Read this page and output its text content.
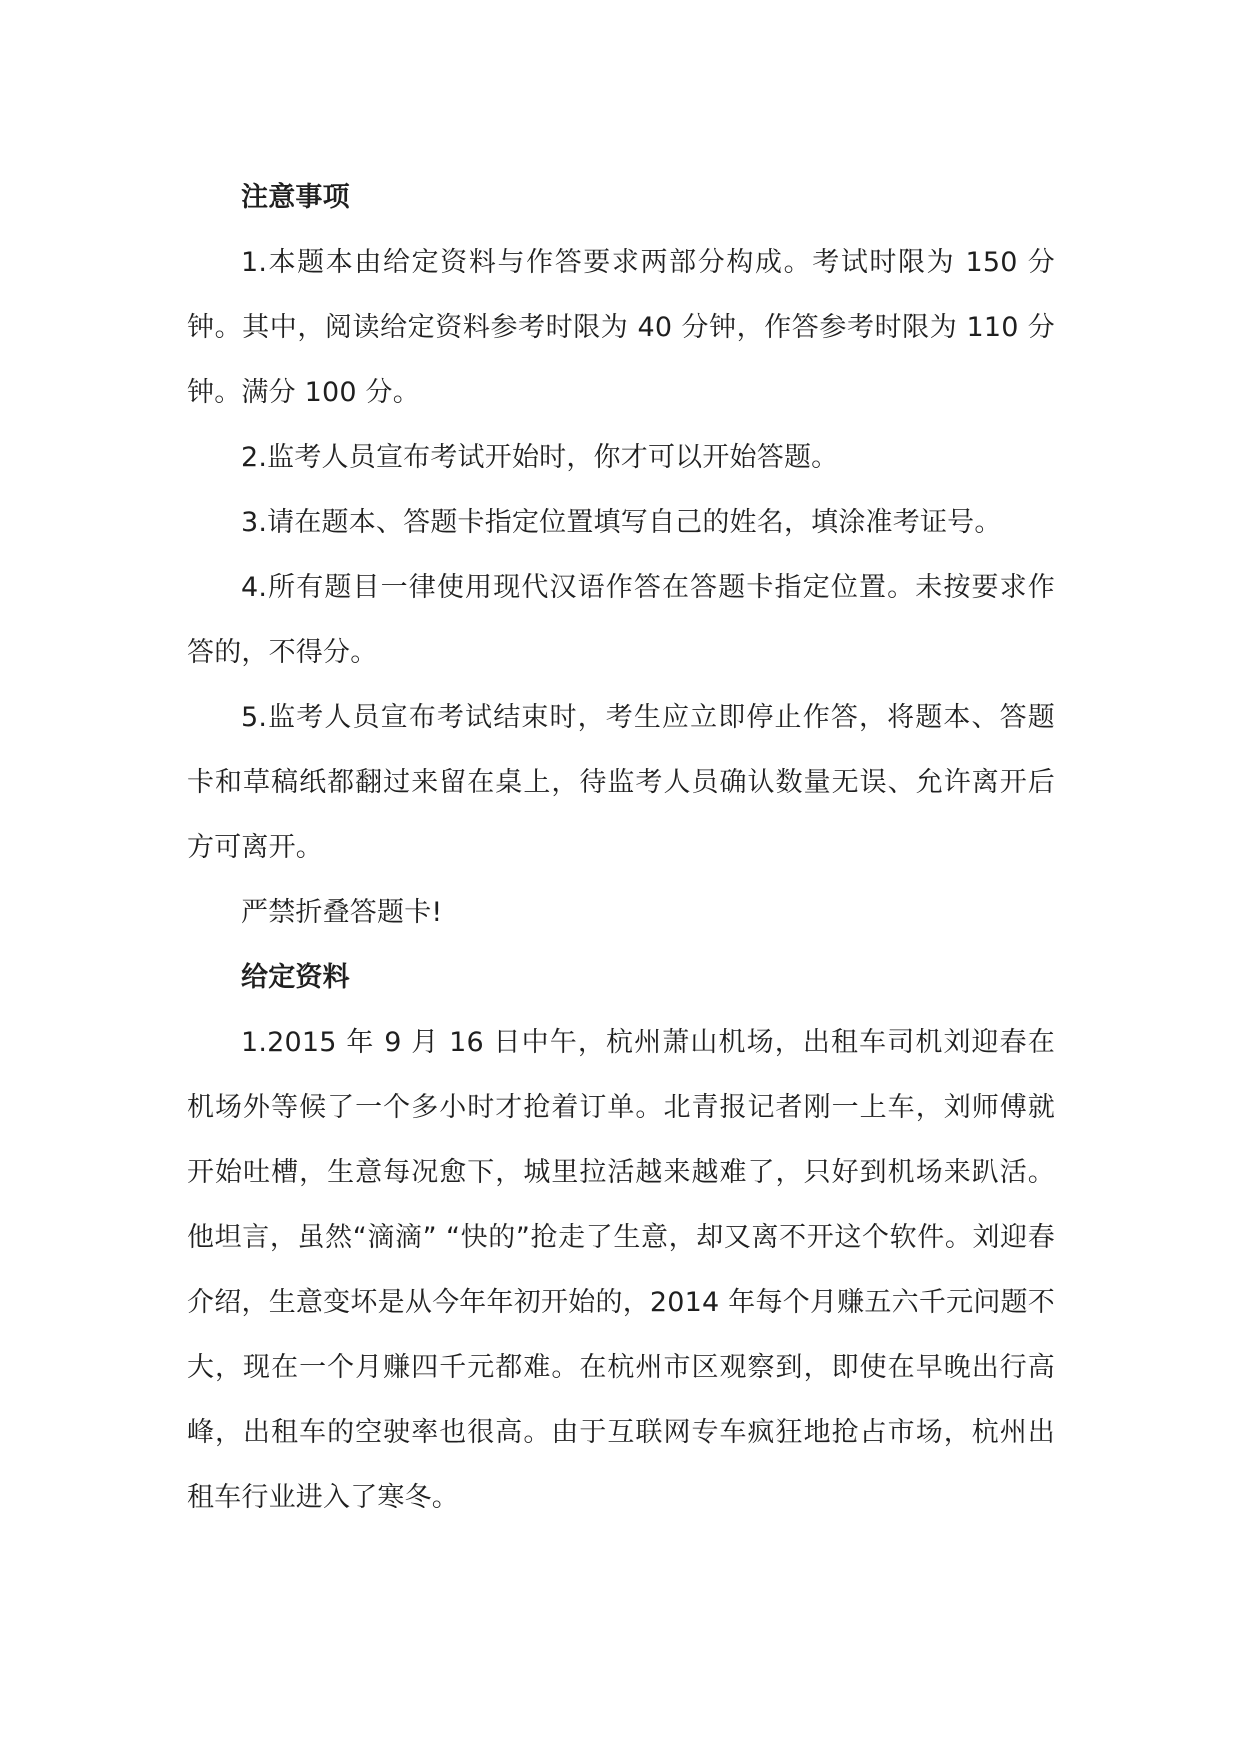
注意事项

1.本题本由给定资料与作答要求两部分构成。考试时限为 150 分钟。其中，阅读给定资料参考时限为 40 分钟，作答参考时限为 110 分钟。满分 100 分。

2.监考人员宣布考试开始时，你才可以开始答题。

3.请在题本、答题卡指定位置填写自己的姓名，填涂准考证号。

4.所有题目一律使用现代汉语作答在答题卡指定位置。未按要求作答的，不得分。

5.监考人员宣布考试结束时，考生应立即停止作答，将题本、答题卡和草稿纸都翻过来留在桌上，待监考人员确认数量无误、允许离开后方可离开。

严禁折叠答题卡!

给定资料

1.2015 年 9 月 16 日中午，杭州萧山机场，出租车司机刘迎春在机场外等候了一个多小时才抢着订单。北青报记者刚一上车，刘师傅就开始吐槽，生意每况愈下，城里拉活越来越难了，只好到机场来趴活。他坦言，虽然“滴滴” “快的”抢走了生意，却又离不开这个软件。刘迎春介绍，生意变坏是从今年年初开始的，2014 年每个月赚五六千元问题不大，现在一个月赚四千元都难。在杭州市区观察到，即使在早晚出行高峰，出租车的空驶率也很高。由于互联网专车疯狂地抢占市场，杭州出租车行业进入了寒冬。
